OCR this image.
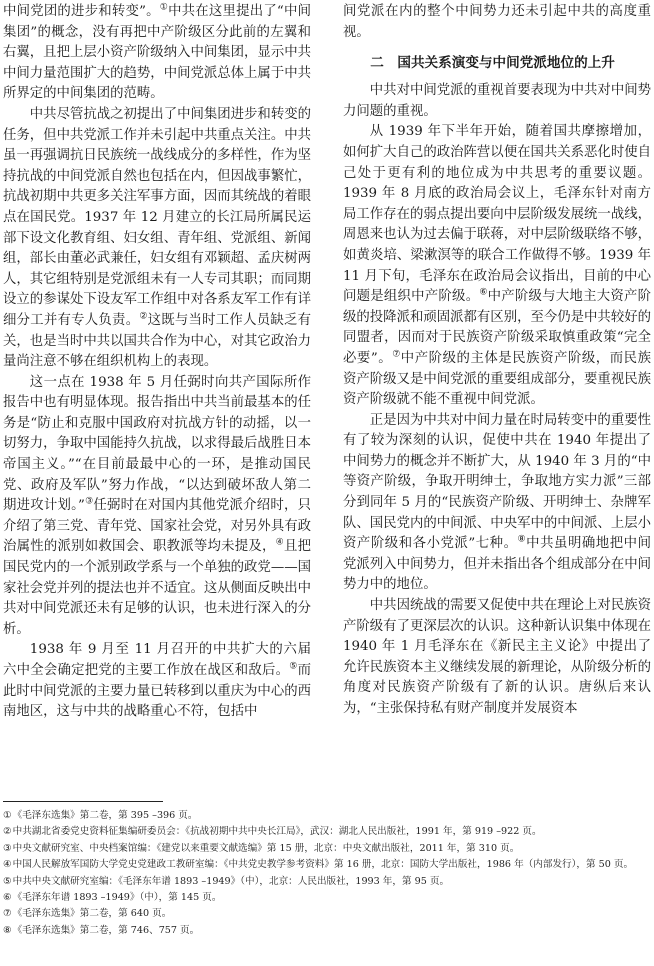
中间党团的进步和转变”。①中共在这里提出了“中间集团”的概念，没有再把中产阶级区分此前的左翼和右翼，且把上层小资产阶级纳入中间集团，显示中共中间力量范围扩大的趋势，中间党派总体上属于中共所界定的中间集团的范畴。

中共尽管抗战之初提出了中间集团进步和转变的任务，但中共党派工作并未引起中共重点关注。中共虽一再强调抗日民族统一战线成分的多样性，作为坚持抗战的中间党派自然也包括在内，但因战事繁忙，抗战初期中共更多关注军事方面，因而其统战的着眼点在国民党。1937 年 12 月建立的长江局所属民运部下设文化教育组、妇女组、青年组、党派组、新闻组，部长由董必武兼任，妇女组有邓颖超、孟庆树两人，其它组特别是党派组未有一人专司其职；而同期设立的参谋处下设友军工作组中对各系友军工作有详细分工并有专人负责。②这既与当时工作人员缺乏有关，也是当时中共以国共合作为中心，对其它政治力量尚注意不够在组织机构上的表现。

这一点在 1938 年 5 月任弼时向共产国际所作报告中也有明显体现。报告指出中共当前最基本的任务是“防止和克服中国政府对抗战方针的动摇，以一切努力，争取中国能持久抗战，以求得最后战胜日本帝国主义。”“在目前最最中心的一环，是推动国民党、政府及军队”努力作战，“以达到破坏敌人第二期进攻计划。”③任弼时在对国内其他党派介绍时，只介绍了第三党、青年党、国家社会党，对另外具有政治属性的派别如救国会、职教派等均未提及，④且把国民党内的一个派别政学系与一个单独的政党——国家社会党并列的提法也并不适宜。这从侧面反映出中共对中间党派还未有足够的认识，也未进行深入的分析。

1938 年 9 月至 11 月召开的中共扩大的六届六中全会确定把党的主要工作放在战区和敌后。⑤而此时中间党派的主要力量已转移到以重庆为中心的西南地区，这与中共的战略重心不符，包括中

间党派在内的整个中间势力还未引起中共的高度重视。

二　国共关系演变与中间党派地位的上升

中共对中间党派的重视首要表现为中共对中间势力问题的重视。

从 1939 年下半年开始，随着国共摩擦增加，如何扩大自己的政治阵营以便在国共关系恶化时使自己处于更有利的地位成为中共思考的重要议题。1939 年 8 月底的政治局会议上，毛泽东针对南方局工作存在的弱点提出要向中层阶级发展统一战线，周恩来也认为过去偏于联蒋，对中层阶级联络不够，如黄炎培、梁漱溟等的联合工作做得不够。1939 年 11 月下旬，毛泽东在政治局会议指出，目前的中心问题是组织中产阶级。⑥中产阶级与大地主大资产阶级的投降派和顽固派都有区别，至今仍是中共较好的同盟者，因而对于民族资产阶级采取慎重政策“完全必要”。⑦中产阶级的主体是民族资产阶级，而民族资产阶级又是中间党派的重要组成部分，要重视民族资产阶级就不能不重视中间党派。

正是因为中共对中间力量在时局转变中的重要性有了较为深刻的认识，促使中共在 1940 年提出了中间势力的概念并不断扩大，从 1940 年 3 月的“中等资产阶级，争取开明绅士，争取地方实力派”三部分到同年 5 月的“民族资产阶级、开明绅士、杂牌军队、国民党内的中间派、中央军中的中间派、上层小资产阶级和各小党派”七种。⑧中共虽明确地把中间党派列入中间势力，但并未指出各个组成部分在中间势力中的地位。

中共因统战的需要又促使中共在理论上对民族资产阶级有了更深层次的认识。这种新认识集中体现在 1940 年 1 月毛泽东在《新民主主义论》中提出了允许民族资本主义继续发展的新理论，从阶级分析的角度对民族资产阶级有了新的认识。唐纵后来认为，“主张保持私有财产制度并发展资本

①《毛泽东选集》第二卷，第 395 –396 页。

②中共湖北省委党史资料征集编研委员会：《抗战初期中共中央长江局》，武汉：湖北人民出版社，1991 年，第 919 –922 页。

③中央文献研究室、中央档案馆编：《建党以来重要文献选编》第 15 册，北京：中央文献出版社，2011 年，第 310 页。

④中国人民解放军国防大学党史党建政工教研室编：《中共党史教学参考资料》第 16 册，北京：国防大学出版社，1986 年（内部发行），第 50 页。

⑤中共中央文献研究室编：《毛泽东年谱 1893 –1949》（中），北京：人民出版社，1993 年，第 95 页。

⑥《毛泽东年谱 1893 –1949》（中），第 145 页。

⑦《毛泽东选集》第二卷，第 640 页。

⑧《毛泽东选集》第二卷，第 746、757 页。
